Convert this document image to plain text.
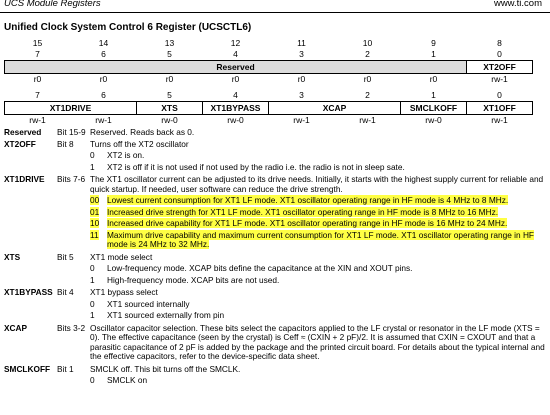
UCS Module Registers	www.ti.com
Unified Clock System Control 6 Register (UCSCTL6)
15	14	13	12	11	10	9	8
7	6	5	4	3	2	1	0
Reserved							XT2OFF
r0	r0	r0	r0	r0	r0	r0	rw-1
7	6	5	4	3	2	1	0
XT1DRIVE		XTS	XT1BYPASS	XCAP		SMCLKOFF	XT1OFF
rw-1	rw-1	rw-0	rw-0	rw-1	rw-1	rw-0	rw-1
Reserved	Bit 15-9 Reserved. Reads back as 0.
XT2OFF	Bit 8	Turns off the XT2 oscillator
0	XT2 is on.
1	XT2 is off if it is not used if not used by the radio i.e. the radio is not in sleep sate.
XT1DRIVE	Bits 7-6 The XT1 oscillator current can be adjusted to its drive needs. Initially, it starts with the highest supply current for reliable and quick startup. If needed, user software can reduce the drive strength.
00 Lowest current consumption for XT1 LF mode. XT1 oscillator operating range in HF mode is 4 MHz to 8 MHz.
01 Increased drive strength for XT1 LF mode. XT1 oscillator operating range in HF mode is 8 MHz to 16 MHz.
10 Increased drive capability for XT1 LF mode. XT1 oscillator operating range in HF mode is 16 MHz to 24 MHz.
11	Maximum drive capability and maximum current consumption for XT1 LF mode. XT1 oscillator operating range in HF mode is 24 MHz to 32 MHz.
XTS	Bit 5	XT1 mode select
0	Low-frequency mode. XCAP bits define the capacitance at the XIN and XOUT pins.
1	High-frequency mode. XCAP bits are not used.
XT1BYPASS Bit 4	XT1 bypass select
0	XT1 sourced internally
1	XT1 sourced externally from pin
XCAP	Bits 3-2 Oscillator capacitor selection. These bits select the capacitors applied to the LF crystal or resonator in the LF mode (XTS = 0). The effective capacitance (seen by the crystal) is Ceff ≈ (CXIN + 2 pF)/2. It is assumed that CXIN = CXOUT and that a parasitic capacitance of 2 pF is added by the package and the printed circuit board. For details about the typical internal and the effective capacitors, refer to the device-specific data sheet.
SMCLKOFF Bit 1	SMCLK off. This bit turns off the SMCLK.
0	SMCLK on
